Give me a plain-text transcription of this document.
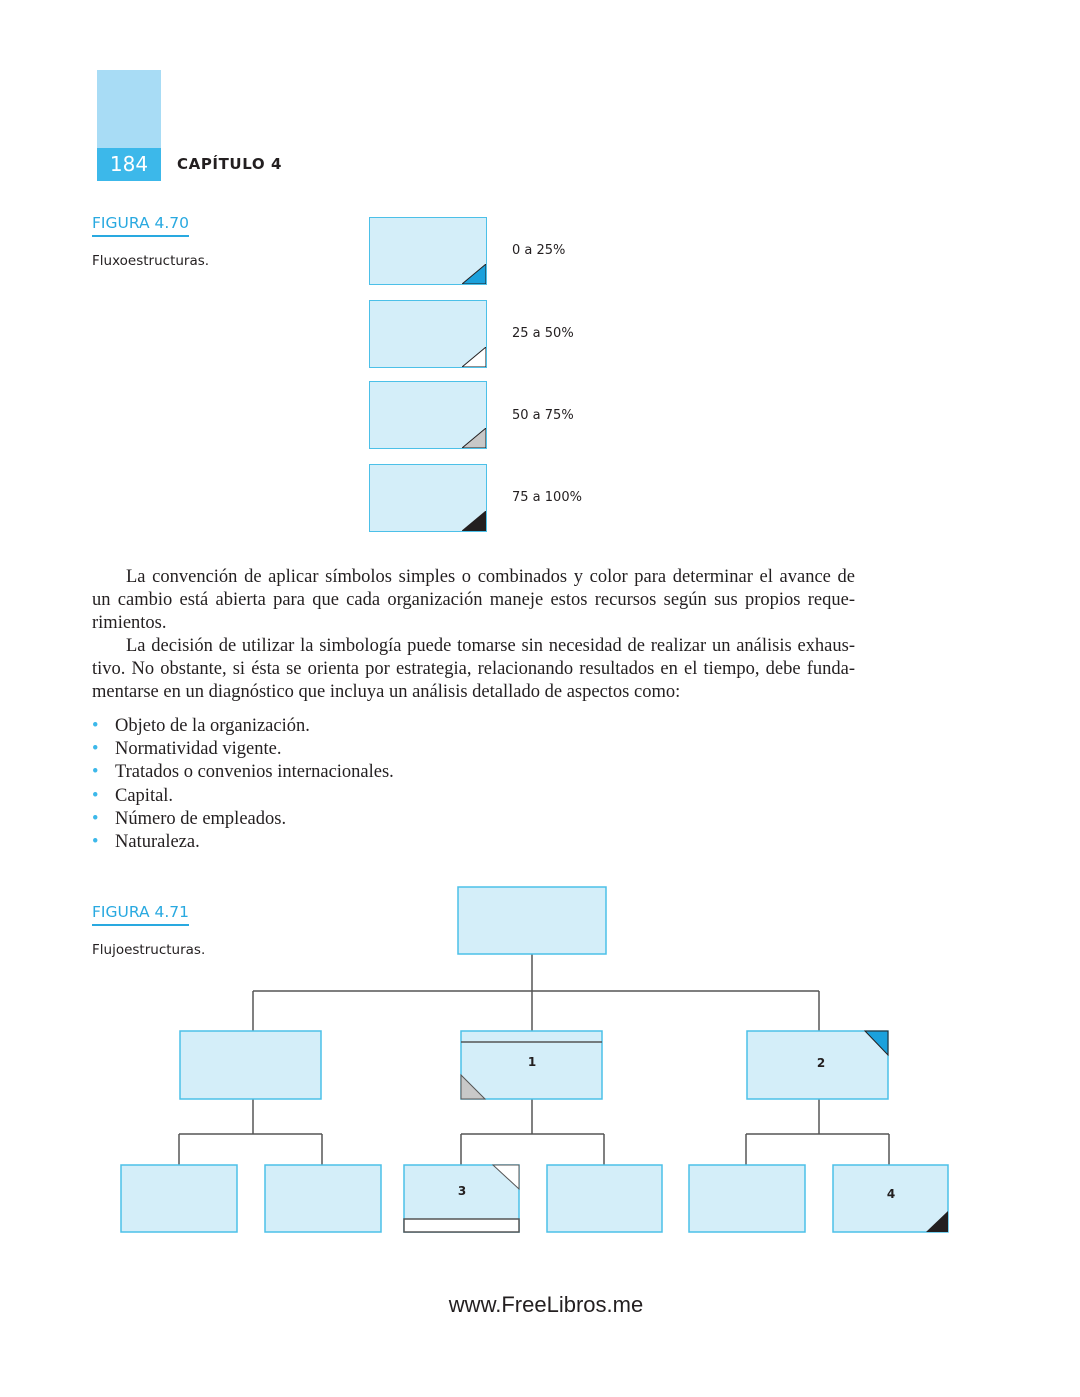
184	CAPÍTULO 4
FIGURA 4.70
Fluxoestructuras.
0 a 25%
25 a 50%
50 a 75%
75 a 100%
La convención de aplicar símbolos simples o combinados y color para determinar el avance de
un cambio está abierta para que cada organización maneje estos recursos según sus propios reque-
rimientos.
La decisión de utilizar la simbología puede tomarse sin necesidad de realizar un análisis exhaus-
tivo. No obstante, si ésta se orienta por estrategia, relacionando resultados en el tiempo, debe funda-
mentarse en un diagnóstico que incluya un análisis detallado de aspectos como:
• Objeto de la organización.
• Normatividad vigente.
• Tratados o convenios internacionales.
• Capital.
• Número de empleados.
• Naturaleza.
FIGURA 4.71
Flujoestructuras.
1	2
3	4
www.FreeLibros.me
